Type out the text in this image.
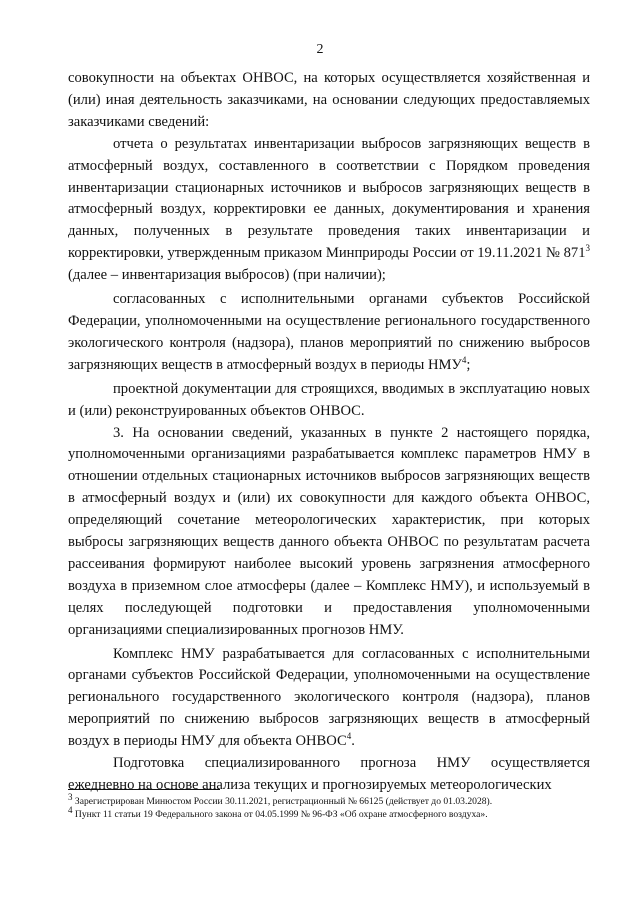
2

совокупности на объектах ОНВОС, на которых осуществляется хозяйственная и (или) иная деятельность заказчиками, на основании следующих предоставляемых заказчиками сведений:

отчета о результатах инвентаризации выбросов загрязняющих веществ в атмосферный воздух, составленного в соответствии с Порядком проведения инвентаризации стационарных источников и выбросов загрязняющих веществ в атмосферный воздух, корректировки ее данных, документирования и хранения данных, полученных в результате проведения таких инвентаризации и корректировки, утвержденным приказом Минприроды России от 19.11.2021 № $871^3$ (далее – инвентаризация выбросов) (при наличии);

согласованных с исполнительными органами субъектов Российской Федерации, уполномоченными на осуществление регионального государственного экологического контроля (надзора), планов мероприятий по снижению выбросов загрязняющих веществ в атмосферный воздух в периоды НМУ$^4$;

проектной документации для строящихся, вводимых в эксплуатацию новых и (или) реконструированных объектов ОНВОС.

3. На основании сведений, указанных в пункте 2 настоящего порядка, уполномоченными организациями разрабатывается комплекс параметров НМУ в отношении отдельных стационарных источников выбросов загрязняющих веществ в атмосферный воздух и (или) их совокупности для каждого объекта ОНВОС, определяющий сочетание метеорологических характеристик, при которых выбросы загрязняющих веществ данного объекта ОНВОС по результатам расчета рассеивания формируют наиболее высокий уровень загрязнения атмосферного воздуха в приземном слое атмосферы (далее – Комплекс НМУ), и используемый в целях последующей подготовки и предоставления уполномоченными организациями специализированных прогнозов НМУ.

Комплекс НМУ разрабатывается для согласованных с исполнительными органами субъектов Российской Федерации, уполномоченными на осуществление регионального государственного экологического контроля (надзора), планов мероприятий по снижению выбросов загрязняющих веществ в атмосферный воздух в периоды НМУ для объекта ОНВОС$^4$.

Подготовка специализированного прогноза НМУ осуществляется ежедневно на основе анализа текущих и прогнозируемых метеорологических

$^3$ Зарегистрирован Минюстом России 30.11.2021, регистрационный № 66125 (действует до 01.03.2028).

$^4$ Пункт 11 статьи 19 Федерального закона от 04.05.1999 № 96-ФЗ «Об охране атмосферного воздуха».
